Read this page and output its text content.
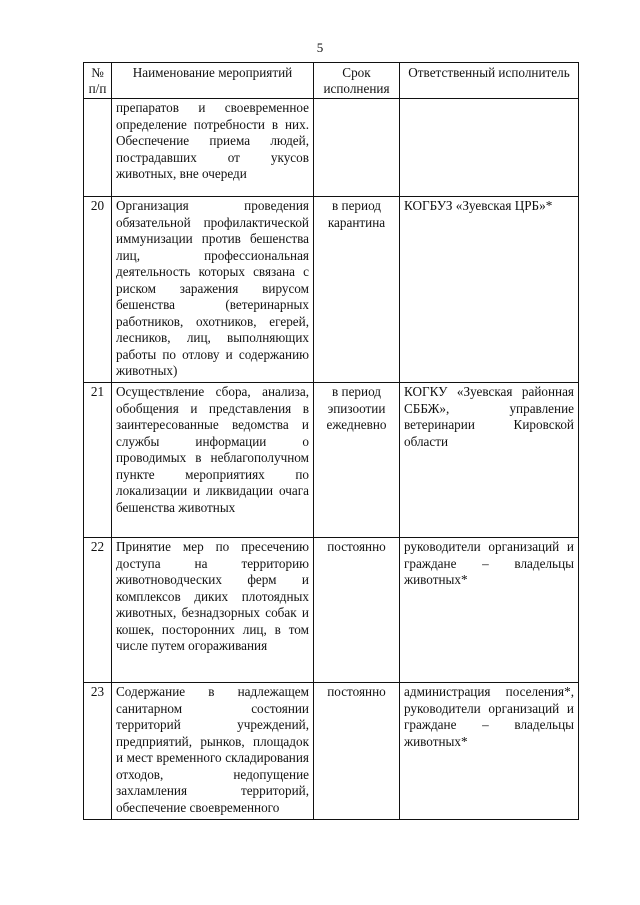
5
№ п/п	Наименование мероприятий	Срок исполнения	Ответственный исполнитель
	препаратов и своевременное определение потребности в них. Обеспечение приема людей, пострадавших от укусов животных, вне очереди		
20	Организация проведения обязательной профилактической иммунизации против бешенства лиц, профессиональная деятельность которых связана с риском заражения вирусом бешенства (ветеринарных работников, охотников, егерей, лесников, лиц, выполняющих работы по отлову и содержанию животных)	в период карантина	КОГБУЗ «Зуевская ЦРБ»*
21	Осуществление сбора, анализа, обобщения и представления в заинтересованные ведомства и службы информации о проводимых в неблагополучном пункте мероприятиях по локализации и ликвидации очага бешенства животных	в период эпизоотии ежедневно	КОГКУ «Зуевская районная СББЖ», управление ветеринарии Кировской области
22	Принятие мер по пресечению доступа на территорию животноводческих ферм и комплексов диких плотоядных животных, безнадзорных собак и кошек, посторонних лиц, в том числе путем огораживания	постоянно	руководители организаций и граждане – владельцы животных*
23	Содержание в надлежащем санитарном состоянии территорий учреждений, предприятий, рынков, площадок и мест временного складирования отходов, недопущение захламления территорий, обеспечение своевременного	постоянно	администрация поселения*, руководители организаций и граждане – владельцы животных*
